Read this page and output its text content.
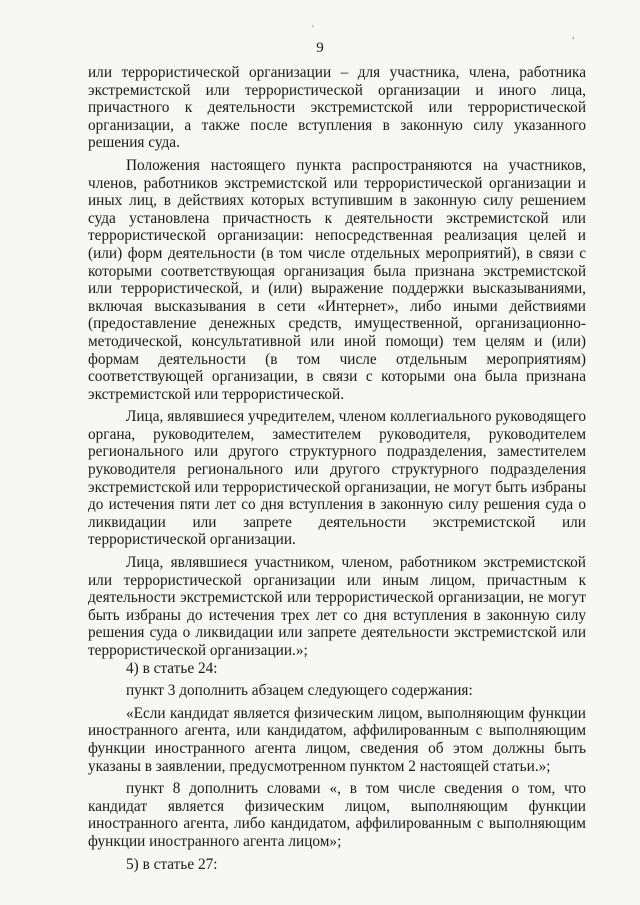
′
,
9

или террористической организации – для участника, члена, работника экстремистской или террористической организации и иного лица, причастного к деятельности экстремистской или террористической организации, а также после вступления в законную силу указанного решения суда.

Положения настоящего пункта распространяются на участников, членов, работников экстремистской или террористической организации и иных лиц, в действиях которых вступившим в законную силу решением суда установлена причастность к деятельности экстремистской или террористической организации: непосредственная реализация целей и (или) форм деятельности (в том числе отдельных мероприятий), в связи с которыми соответствующая организация была признана экстремистской или террористической, и (или) выражение поддержки высказываниями, включая высказывания в сети «Интернет», либо иными действиями (предоставление денежных средств, имущественной, организационно-методической, консультативной или иной помощи) тем целям и (или) формам деятельности (в том числе отдельным мероприятиям) соответствующей организации, в связи с которыми она была признана экстремистской или террористической.

Лица, являвшиеся учредителем, членом коллегиального руководящего органа, руководителем, заместителем руководителя, руководителем регионального или другого структурного подразделения, заместителем руководителя регионального или другого структурного подразделения экстремистской или террористической организации, не могут быть избраны до истечения пяти лет со дня вступления в законную силу решения суда о ликвидации или запрете деятельности экстремистской или террористической организации.

Лица, являвшиеся участником, членом, работником экстремистской или террористической организации или иным лицом, причастным к деятельности экстремистской или террористической организации, не могут быть избраны до истечения трех лет со дня вступления в законную силу решения суда о ликвидации или запрете деятельности экстремистской или террористической организации.»;

4) в статье 24:

пункт 3 дополнить абзацем следующего содержания:

«Если кандидат является физическим лицом, выполняющим функции иностранного агента, или кандидатом, аффилированным с выполняющим функции иностранного агента лицом, сведения об этом должны быть указаны в заявлении, предусмотренном пунктом 2 настоящей статьи.»;

пункт 8 дополнить словами «, в том числе сведения о том, что кандидат является физическим лицом, выполняющим функции иностранного агента, либо кандидатом, аффилированным с выполняющим функции иностранного агента лицом»;

5) в статье 27:
